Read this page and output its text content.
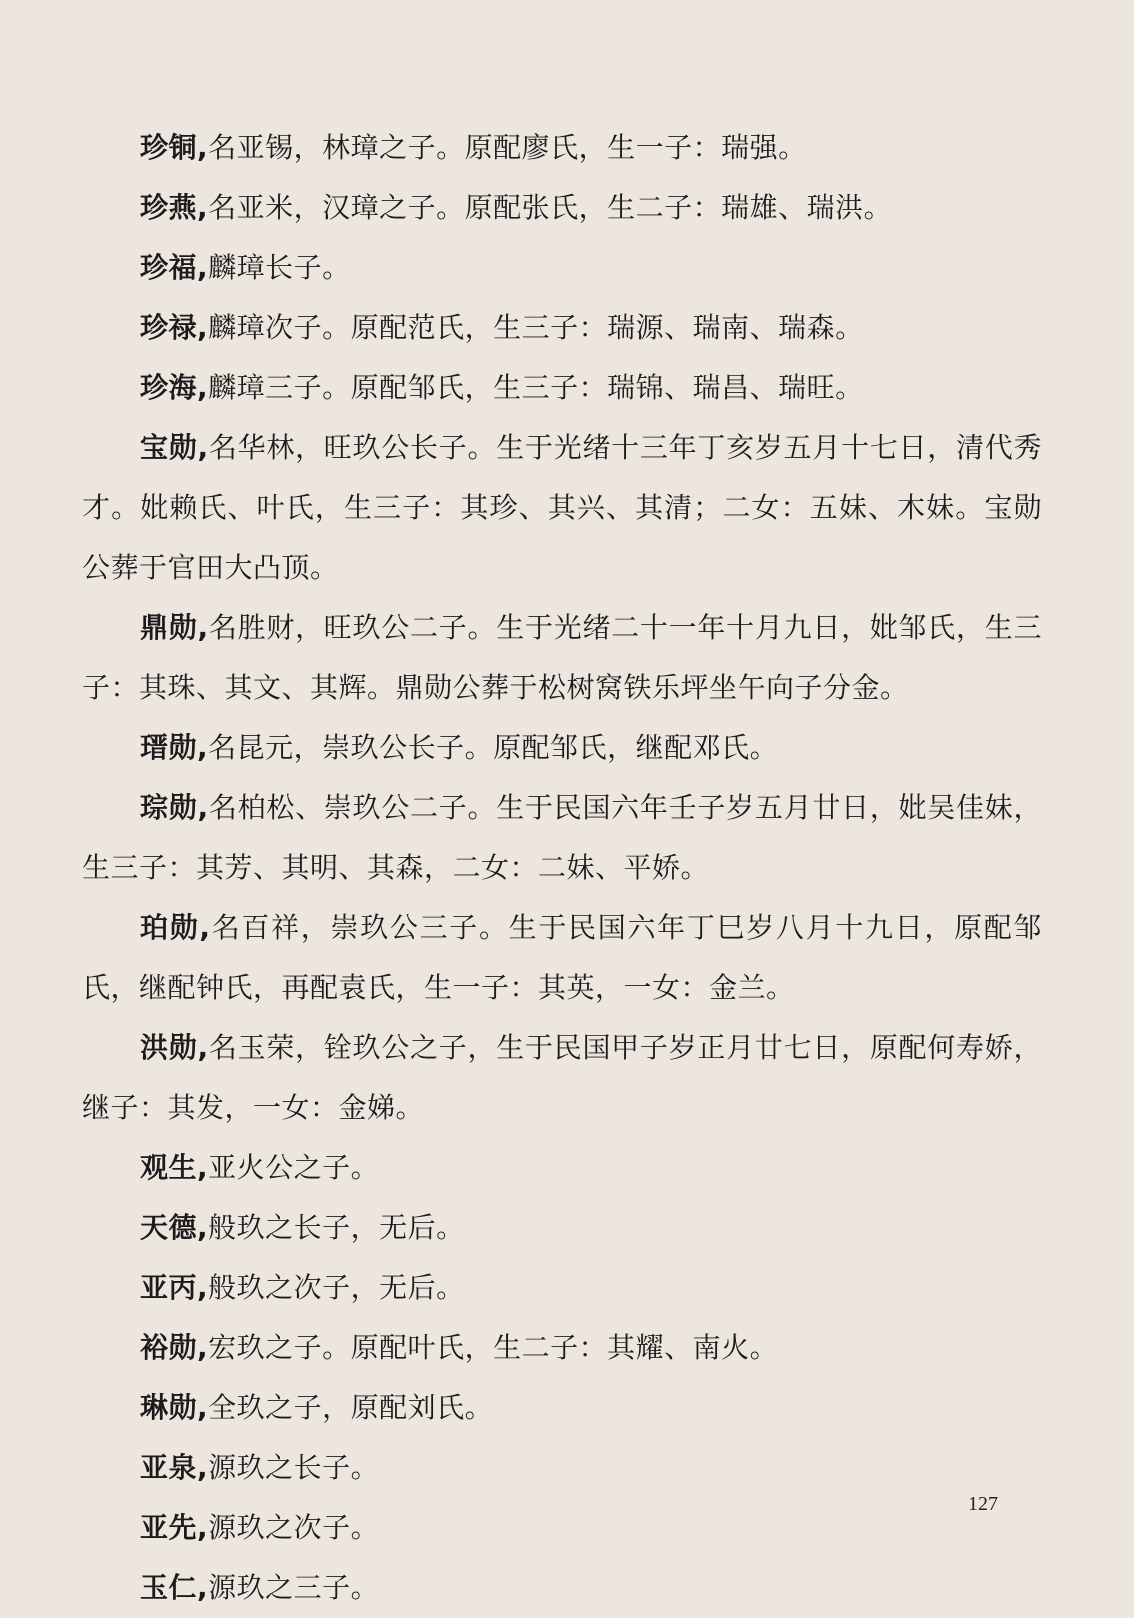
珍铜,名亚锡，林璋之子。原配廖氏，生一子：瑞强。

珍燕,名亚米，汉璋之子。原配张氏，生二子：瑞雄、瑞洪。

珍福,麟璋长子。

珍禄,麟璋次子。原配范氏，生三子：瑞源、瑞南、瑞森。

珍海,麟璋三子。原配邹氏，生三子：瑞锦、瑞昌、瑞旺。

宝勋,名华林，旺玖公长子。生于光绪十三年丁亥岁五月十七日，清代秀才。妣赖氏、叶氏，生三子：其珍、其兴、其清；二女：五妹、木妹。宝勋公葬于官田大凸顶。

鼎勋,名胜财，旺玖公二子。生于光绪二十一年十月九日，妣邹氏，生三子：其珠、其文、其辉。鼎勋公葬于松树窝铁乐坪坐午向子分金。

瑨勋,名昆元，崇玖公长子。原配邹氏，继配邓氏。

琮勋,名柏松、崇玖公二子。生于民国六年壬子岁五月廿日，妣吴佳妹，生三子：其芳、其明、其森，二女：二妹、平娇。

珀勋,名百祥，崇玖公三子。生于民国六年丁巳岁八月十九日，原配邹氏，继配钟氏，再配袁氏，生一子：其英，一女：金兰。

洪勋,名玉荣，铨玖公之子，生于民国甲子岁正月廿七日，原配何寿娇，继子：其发，一女：金娣。

观生,亚火公之子。

天德,般玖之长子，无后。

亚丙,般玖之次子，无后。

裕勋,宏玖之子。原配叶氏，生二子：其耀、南火。

琳勋,全玖之子，原配刘氏。

亚泉,源玖之长子。

亚先,源玖之次子。

玉仁,源玖之三子。

127
